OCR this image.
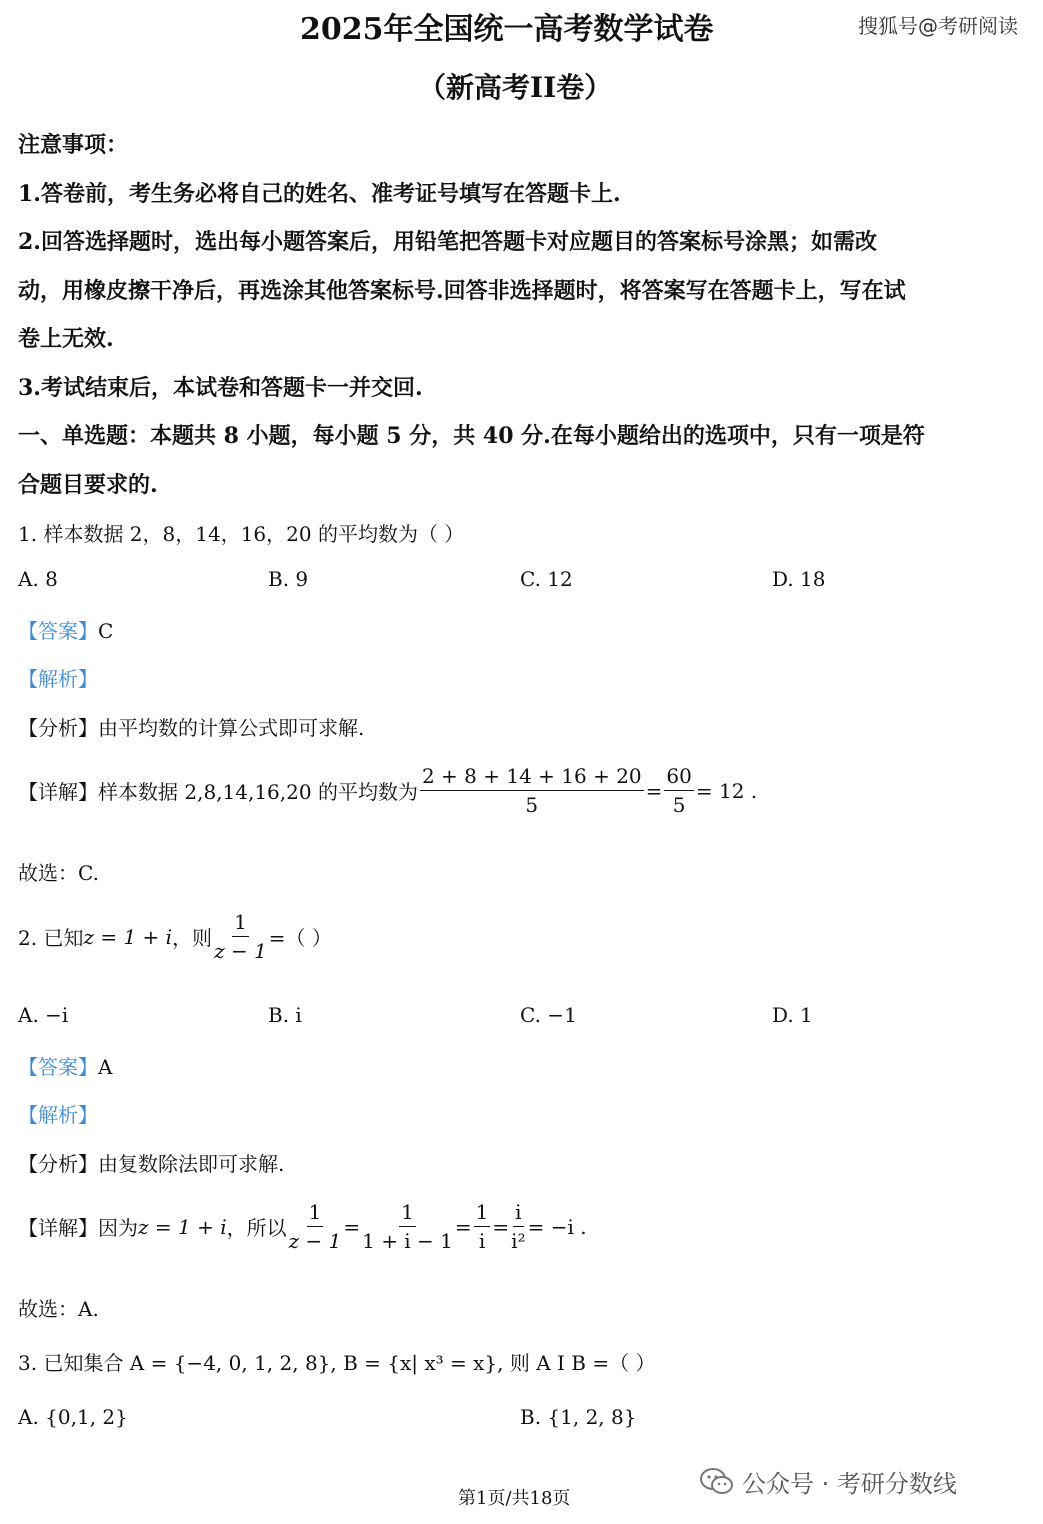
2025年全国统一高考数学试卷	搜狐号@考研阅读
（新高考II卷）
注意事项：
1.答卷前，考生务必将自己的姓名、准考证号填写在答题卡上.
2.回答选择题时，选出每小题答案后，用铅笔把答题卡对应题目的答案标号涂黑；如需改
动，用橡皮擦干净后，再选涂其他答案标号.回答非选择题时，将答案写在答题卡上，写在试
卷上无效.
3.考试结束后，本试卷和答题卡一并交回.
一、单选题：本题共 8 小题，每小题 5 分，共 40 分.在每小题给出的选项中，只有一项是符
合题目要求的.
1. 样本数据 2，8，14，16，20 的平均数为（ ）
A. 8	B. 9	C. 12	D. 18
【答案】C
【解析】
【分析】由平均数的计算公式即可求解.
【详解】样本数据 2,8,14,16,20 的平均数为 $\frac{2 + 8 + 14 + 16 + 20}{5} = \frac{60}{5} = 12$ .
故选：C.
2. 已知 z = 1 + i ，则 $\frac{1}{z - 1}$ =（ ）
A. −i	B. i	C. −1	D. 1
【答案】A
【解析】
【分析】由复数除法即可求解.
【详解】因为 z = 1 + i ，所以 $\frac{1}{z - 1} = \frac{1}{1 + i - 1} = \frac{1}{i} = \frac{i}{\text{i²}} = -i$ .
故选：A.
3. 已知集合 A = {−4, 0, 1, 2, 8}, B = {x| x³ = x}, 则 A I B =（ ）
A. {0,1, 2}	B. {1, 2, 8}
第1页/共18页
公众号 · 考研分数线
